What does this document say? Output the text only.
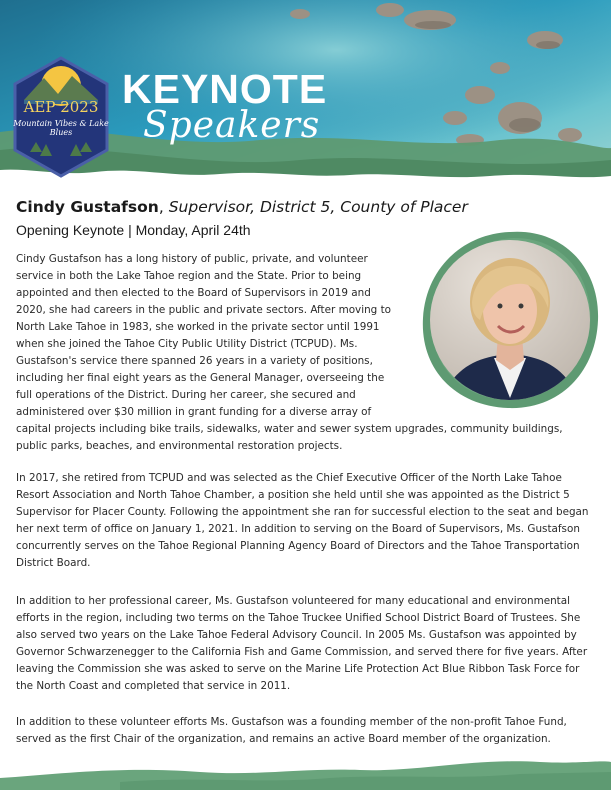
AEP 2023
Mountain Vibes & Lake Blues
KEYNOTE
Speakers
Cindy Gustafson, Supervisor, District 5, County of Placer
Opening Keynote | Monday, April 24th

Cindy Gustafson has a long history of public, private, and volunteer
service in both the Lake Tahoe region and the State. Prior to being
appointed and then elected to the Board of Supervisors in 2019 and
2020, she had careers in the public and private sectors. After moving to
North Lake Tahoe in 1983, she worked in the private sector until 1991
when she joined the Tahoe City Public Utility District (TCPUD). Ms.
Gustafson's service there spanned 26 years in a variety of positions,
including her final eight years as the General Manager, overseeing the
full operations of the District. During her career, she secured and
administered over $30 million in grant funding for a diverse array of
capital projects including bike trails, sidewalks, water and sewer system upgrades, community buildings,
public parks, beaches, and environmental restoration projects.

In 2017, she retired from TCPUD and was selected as the Chief Executive Officer of the North Lake Tahoe Resort Association and North Tahoe Chamber, a position she held until she was appointed as the District 5 Supervisor for Placer County. Following the appointment she ran for successful election to the seat and began her next term of office on January 1, 2021. In addition to serving on the Board of Supervisors, Ms. Gustafson concurrently serves on the Tahoe Regional Planning Agency Board of Directors and the Tahoe Transportation District Board.

In addition to her professional career, Ms. Gustafson volunteered for many educational and environmental efforts in the region, including two terms on the Tahoe Truckee Unified School District Board of Trustees. She also served two years on the Lake Tahoe Federal Advisory Council. In 2005 Ms. Gustafson was appointed by Governor Schwarzenegger to the California Fish and Game Commission, and served there for five years. After leaving the Commission she was asked to serve on the Marine Life Protection Act Blue Ribbon Task Force for the North Coast and completed that service in 2011.

In addition to these volunteer efforts Ms. Gustafson was a founding member of the non-profit Tahoe Fund, served as the first Chair of the organization, and remains an active Board member of the organization.
